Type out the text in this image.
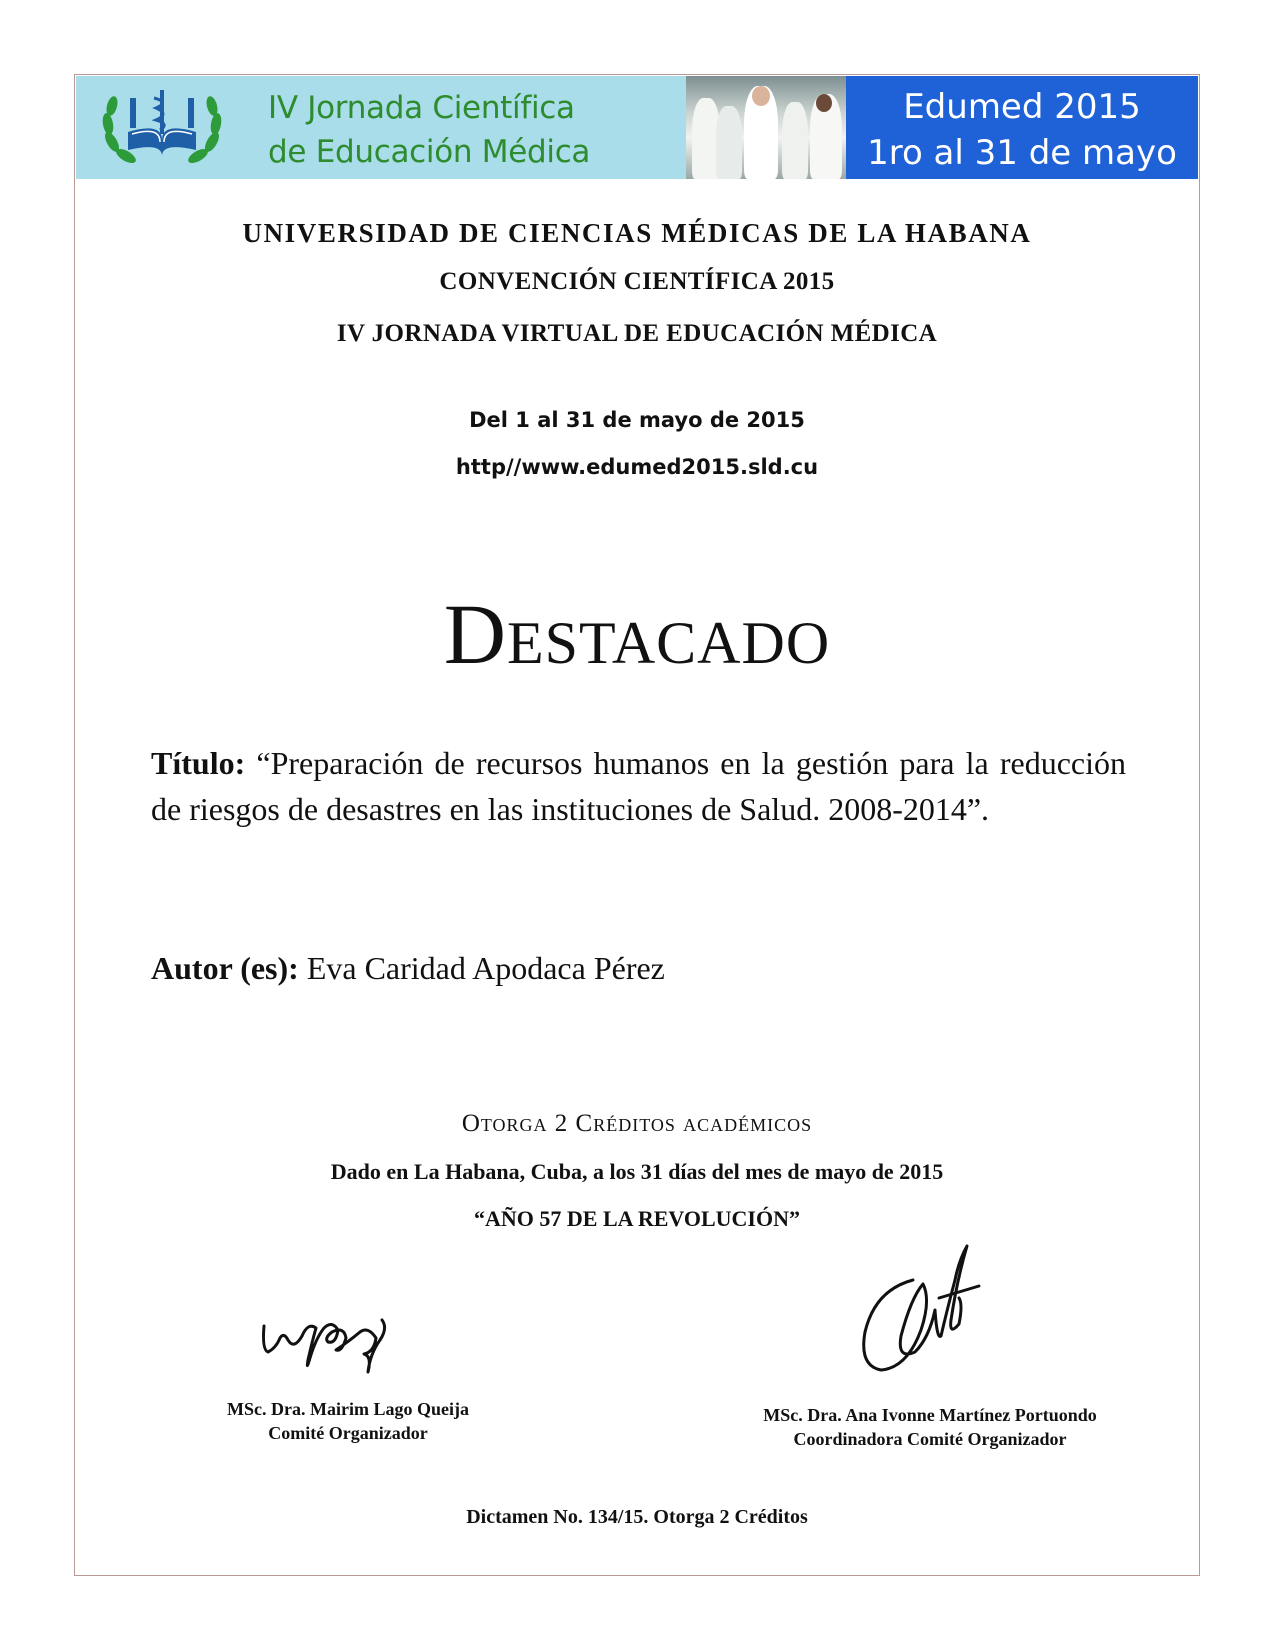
IV Jornada Científica
de Educación Médica
Edumed 2015
1ro al 31 de mayo
UNIVERSIDAD DE CIENCIAS MÉDICAS DE LA HABANA
CONVENCIÓN CIENTÍFICA 2015
IV JORNADA VIRTUAL DE EDUCACIÓN MÉDICA
Del 1 al 31 de mayo de 2015
http//www.edumed2015.sld.cu
Destacado
Título: “Preparación de recursos humanos en la gestión para la reducción de riesgos de desastres en las instituciones de Salud. 2008-2014”.
Autor (es): Eva Caridad Apodaca Pérez
Otorga 2 Créditos académicos
Dado en La Habana, Cuba, a los 31 días del mes de mayo de 2015
“AÑO 57 DE LA REVOLUCIÓN”
MSc. Dra. Mairim Lago Queija
Comité Organizador
MSc. Dra. Ana Ivonne Martínez Portuondo
Coordinadora Comité Organizador
Dictamen No. 134/15. Otorga 2 Créditos
